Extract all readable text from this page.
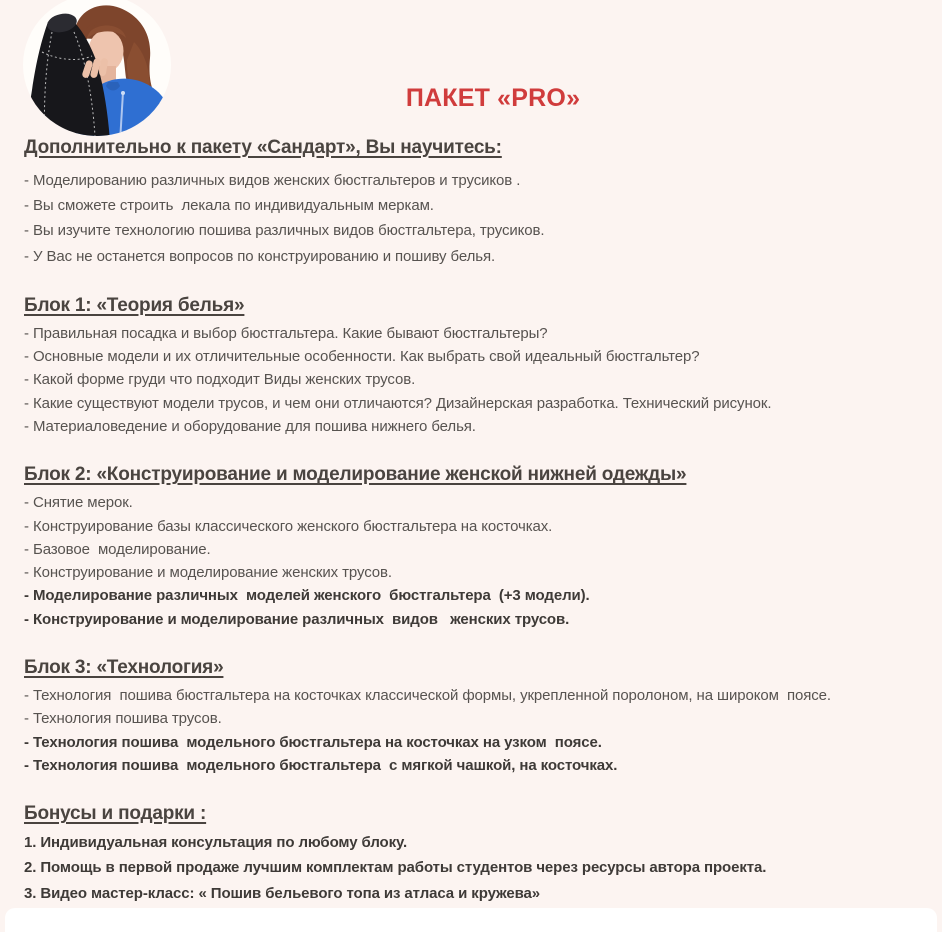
ПАКЕТ «PRO»
Дополнительно к пакету «Сандарт», Вы научитесь:

- Моделированию различных видов женских бюстгальтеров и трусиков .

- Вы сможете строить  лекала по индивидуальным меркам.

- Вы изучите технологию пошива различных видов бюстгальтера, трусиков.

- У Вас не останется вопросов по конструированию и пошиву белья.

Блок 1: «Теория белья»

- Правильная посадка и выбор бюстгальтера. Какие бывают бюстгальтеры?

- Основные модели и их отличительные особенности. Как выбрать свой идеальный бюстгальтер?

- Какой форме груди что подходит Виды женских трусов.

- Какие существуют модели трусов, и чем они отличаются? Дизайнерская разработка. Технический рисунок.

- Материаловедение и оборудование для пошива нижнего белья.

Блок 2: «Конструирование и моделирование женской нижней одежды»

- Снятие мерок.

- Конструирование базы классического женского бюстгальтера на косточках.

- Базовое  моделирование.

- Конструирование и моделирование женских трусов.

- Моделирование различных  моделей женского  бюстгальтера  (+3 модели).

- Конструирование и моделирование различных  видов   женских трусов.

Блок 3: «Технология»

- Технология  пошива бюстгальтера на косточках классической формы, укрепленной поролоном, на широком  поясе.

- Технология пошива трусов.

- Технология пошива  модельного бюстгальтера на косточках на узком  поясе.

- Технология пошива  модельного бюстгальтера  с мягкой чашкой, на косточках.

Бонусы и подарки :

1. Индивидуальная консультация по любому блоку.

2. Помощь в первой продаже лучшим комплектам работы студентов через ресурсы автора проекта.

3. Видео мастер-класс: « Пошив бельевого топа из атласа и кружева»
